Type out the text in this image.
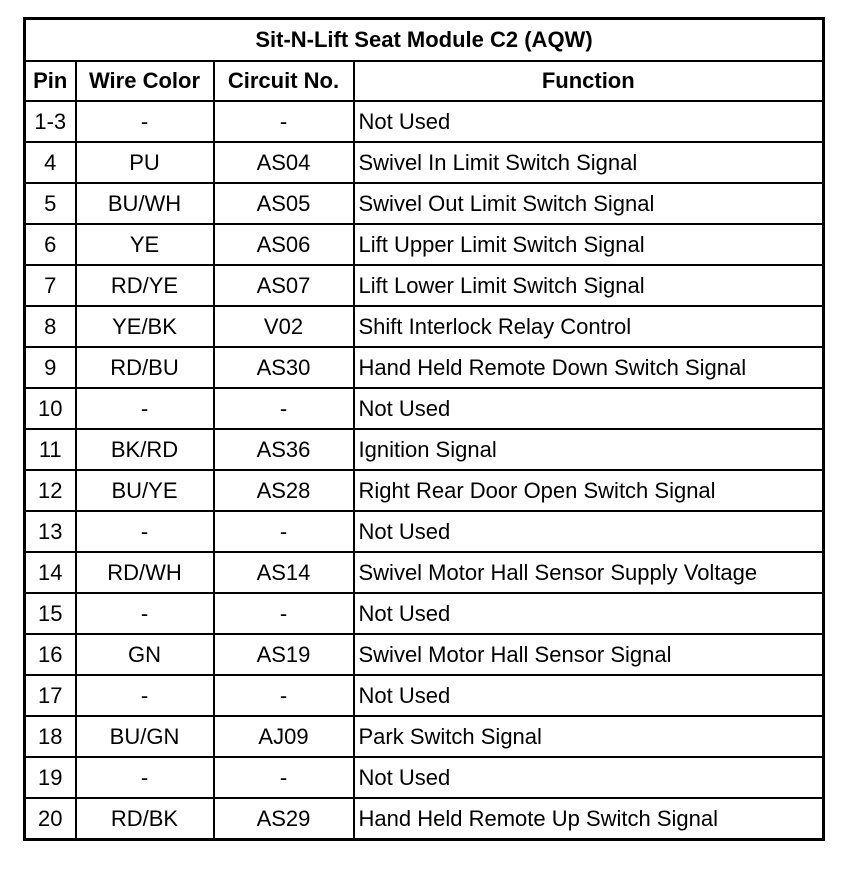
Sit-N-Lift Seat Module C2 (AQW)			
Pin	Wire Color	Circuit No.	Function
1-3	-	-	Not Used
4	PU	AS04	Swivel In Limit Switch Signal
5	BU/WH	AS05	Swivel Out Limit Switch Signal
6	YE	AS06	Lift Upper Limit Switch Signal
7	RD/YE	AS07	Lift Lower Limit Switch Signal
8	YE/BK	V02	Shift Interlock Relay Control
9	RD/BU	AS30	Hand Held Remote Down Switch Signal
10	-	-	Not Used
11	BK/RD	AS36	Ignition Signal
12	BU/YE	AS28	Right Rear Door Open Switch Signal
13	-	-	Not Used
14	RD/WH	AS14	Swivel Motor Hall Sensor Supply Voltage
15	-	-	Not Used
16	GN	AS19	Swivel Motor Hall Sensor Signal
17	-	-	Not Used
18	BU/GN	AJ09	Park Switch Signal
19	-	-	Not Used
20	RD/BK	AS29	Hand Held Remote Up Switch Signal
